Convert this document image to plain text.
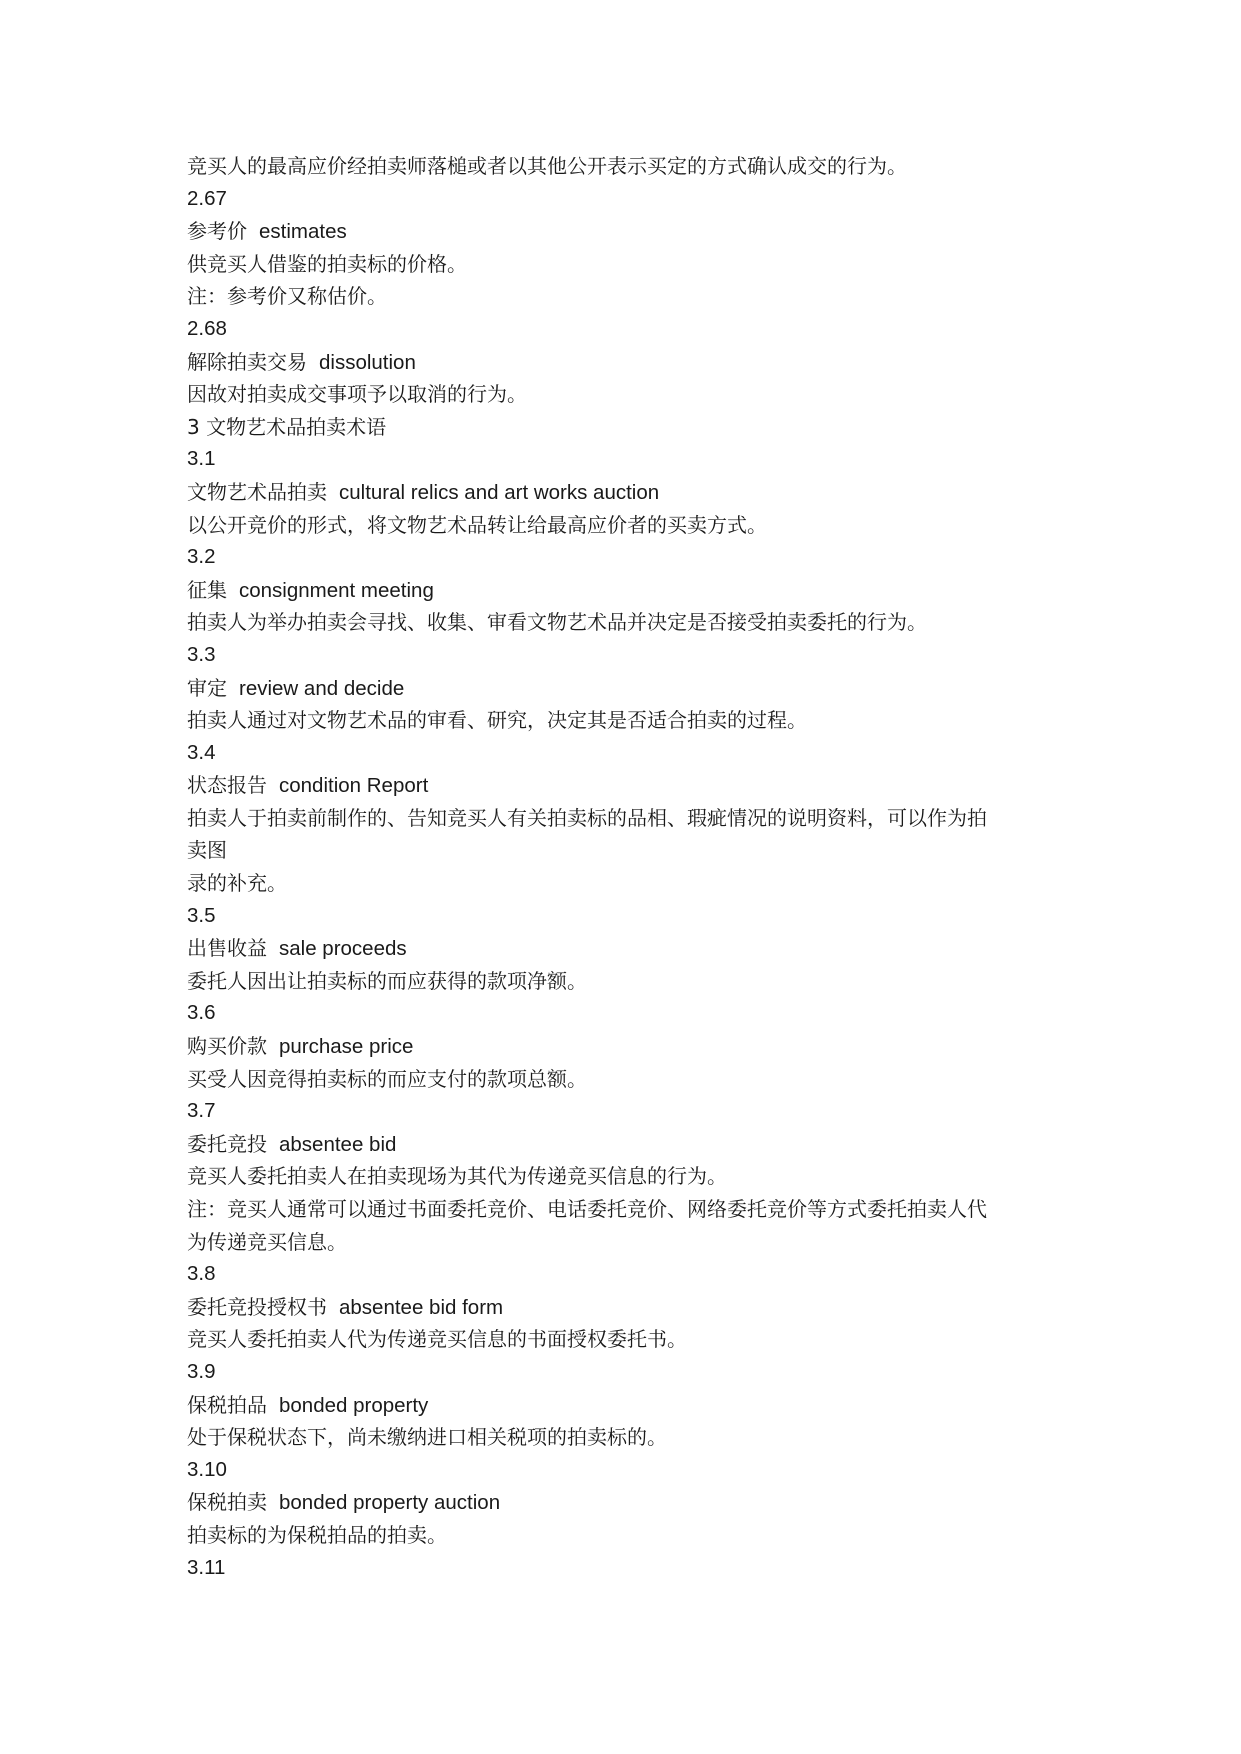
竞买人的最高应价经拍卖师落槌或者以其他公开表示买定的方式确认成交的行为。
2.67
参考价 estimates
供竞买人借鉴的拍卖标的价格。
注：参考价又称估价。
2.68
解除拍卖交易 dissolution
因故对拍卖成交事项予以取消的行为。
3 文物艺术品拍卖术语
3.1
文物艺术品拍卖 cultural relics and art works auction
以公开竞价的形式，将文物艺术品转让给最高应价者的买卖方式。
3.2
征集 consignment meeting
拍卖人为举办拍卖会寻找、收集、审看文物艺术品并决定是否接受拍卖委托的行为。
3.3
审定 review and decide
拍卖人通过对文物艺术品的审看、研究，决定其是否适合拍卖的过程。
3.4
状态报告 condition Report
拍卖人于拍卖前制作的、告知竞买人有关拍卖标的品相、瑕疵情况的说明资料，可以作为拍
卖图
录的补充。
3.5
出售收益 sale proceeds
委托人因出让拍卖标的而应获得的款项净额。
3.6
购买价款 purchase price
买受人因竞得拍卖标的而应支付的款项总额。
3.7
委托竞投 absentee bid
竞买人委托拍卖人在拍卖现场为其代为传递竞买信息的行为。
注：竞买人通常可以通过书面委托竞价、电话委托竞价、网络委托竞价等方式委托拍卖人代
为传递竞买信息。
3.8
委托竞投授权书 absentee bid form
竞买人委托拍卖人代为传递竞买信息的书面授权委托书。
3.9
保税拍品 bonded property
处于保税状态下，尚未缴纳进口相关税项的拍卖标的。
3.10
保税拍卖 bonded property auction
拍卖标的为保税拍品的拍卖。
3.11
